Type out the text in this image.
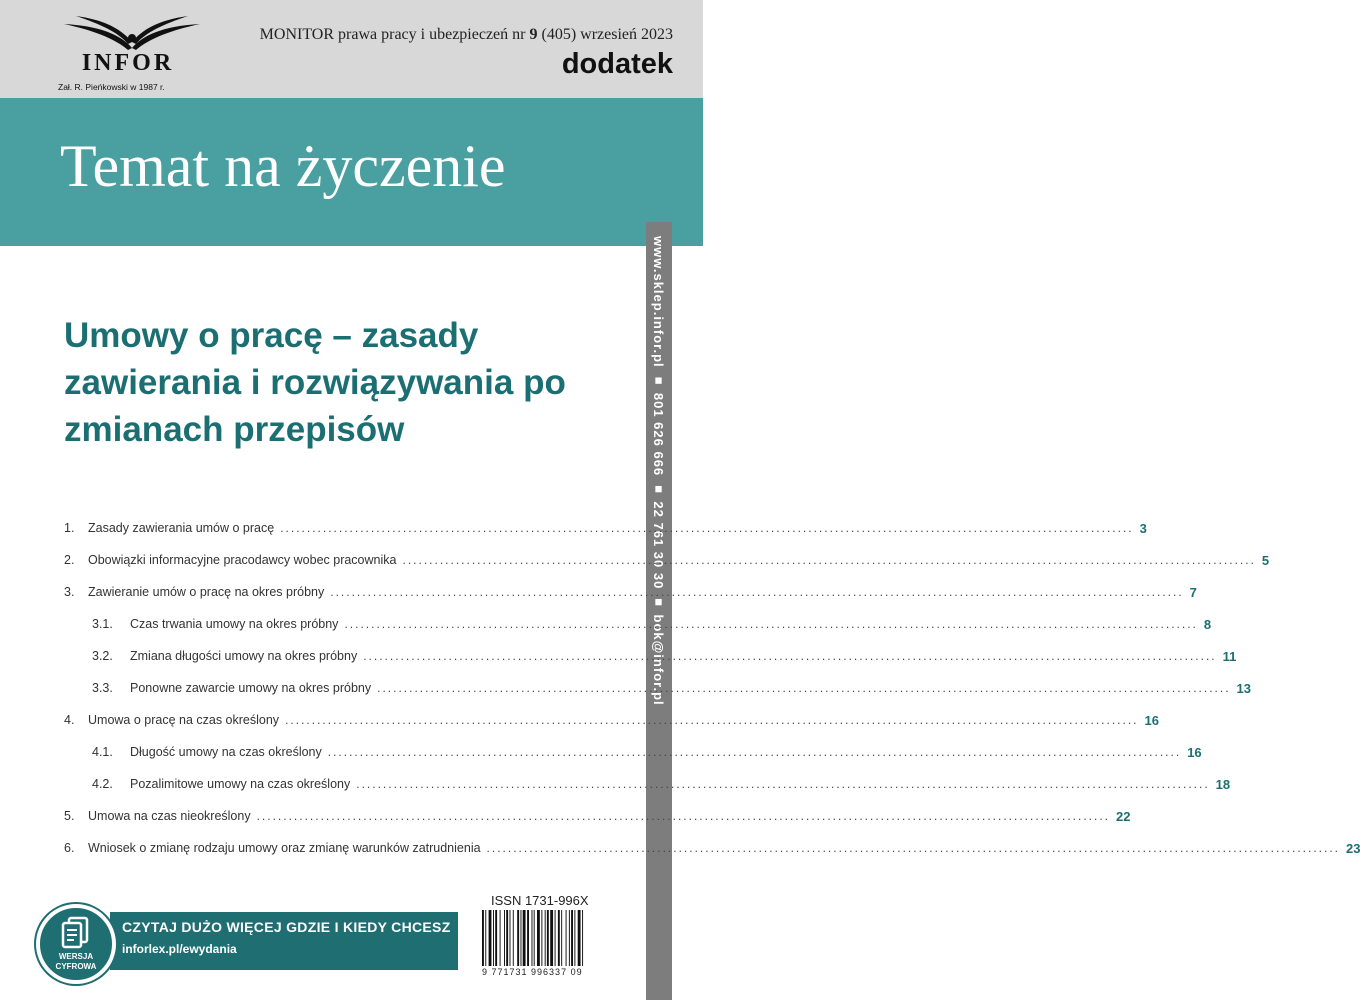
INFOR
Zał. R. Pieńkowski w 1987 r.
MONITOR prawa pracy i ubezpieczeń nr 9 (405) wrzesień 2023
dodatek
Temat na życzenie
www.sklep.infor.pl ■ 801 626 666 ■ 22 761 30 30 ■ bok@infor.pl
Umowy o pracę – zasady zawierania i rozwiązywania po zmianach przepisów
1.	Zasady zawierania umów o pracę ................................................................................................................................................................ 3
2.	Obowiązki informacyjne pracodawcy wobec pracownika ................................................................................................................................................................ 5
3.	Zawieranie umów o pracę na okres próbny ................................................................................................................................................................ 7
3.1.	Czas trwania umowy na okres próbny ................................................................................................................................................................ 8
3.2.	Zmiana długości umowy na okres próbny ................................................................................................................................................................ 11
3.3.	Ponowne zawarcie umowy na okres próbny ................................................................................................................................................................ 13
4.	Umowa o pracę na czas określony ................................................................................................................................................................ 16
4.1.	Długość umowy na czas określony ................................................................................................................................................................ 16
4.2.	Pozalimitowe umowy na czas określony ................................................................................................................................................................ 18
5.	Umowa na czas nieokreślony ................................................................................................................................................................ 22
6.	Wniosek o zmianę rodzaju umowy oraz zmianę warunków zatrudnienia ................................................................................................................................................................ 23
WERSJA CYFROWA
CZYTAJ DUŻO WIĘCEJ GDZIE I KIEDY CHCESZ
inforlex.pl/ewydania
ISSN 1731-996X
9 771731 996337 09
